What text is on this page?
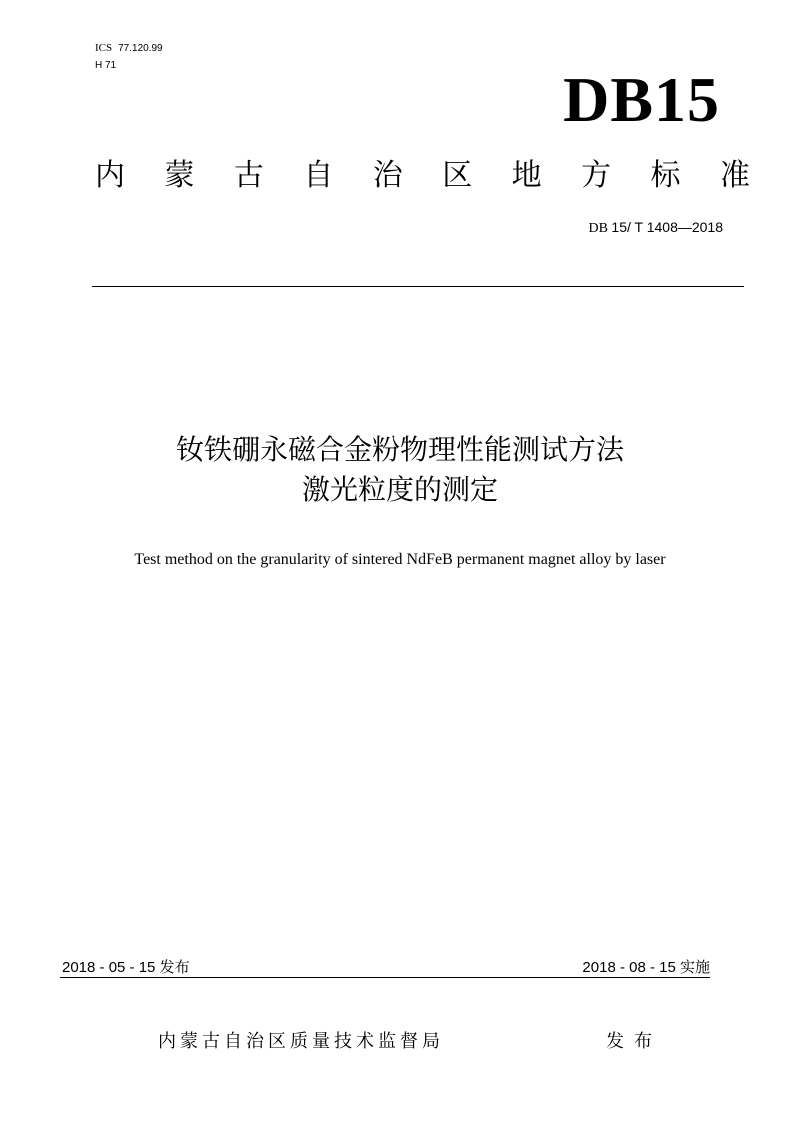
ICS 77.120.99
H 71	DB15
内 蒙 古 自 治 区 地 方 标 准
DB 15/ T 1408—2018
钕铁硼永磁合金粉物理性能测试方法
激光粒度的测定
Test method on the granularity of sintered NdFeB permanent magnet alloy by laser
2018 - 05 - 15 发布	2018 - 08 - 15 实施
内蒙古自治区质量技术监督局	发布
